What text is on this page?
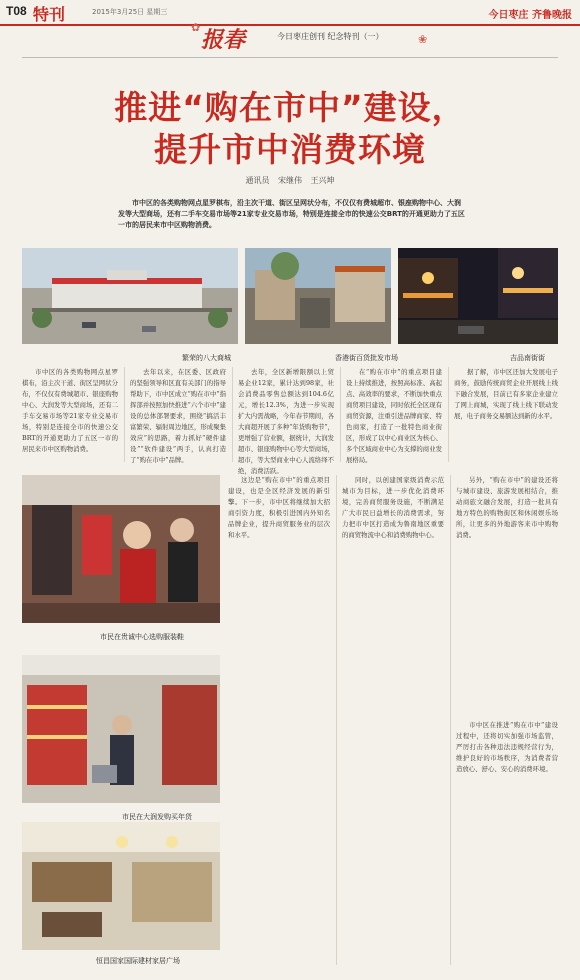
T08 特刊	2015年3月25日 星期三	今日枣庄 齐鲁晚报
✿ 报春	今日枣庄创刊 纪念特刊（一）	❀
推进“购在市中”建设，
提升市中消费环境
通讯员 宋继伟 王兴坤
市中区的各类购物网点星罗棋布，沿主次干道、街区呈网状分布，不仅仅有费城超市、银座购物中心、大润发等大型商场，还有二手车交易市场等21家专业交易市场，特别是连接全市的快速公交BRT的开通更助力了五区一市的居民来市中区购物消费。
繁荣的八大商城	香港街百货批发市场	吉品南街街
市中区的各类购物网点星罗棋布，沿主次干道、街区呈网状分布，不仅仅有费城超市、银座购物中心、大润发等大型商场，还有二手车交易市场等21家专业交易市场，特别是连接全市的快速公交BRT的开通更助力了五区一市的居民来市中区购物消费。
去年以来，在区委、区政府的坚强领导和区直有关部门的指导帮助下，市中区成立“购在市中”指挥部并按照加快推进“六个市中”建设的总体部署要求，围绕“搞活丰富繁荣、辐射周边地区，形成聚集效应”的思路，着力抓好“硬件建设”“软件建设”两手，认真打造了“购在市中”品牌。
去年，全区新增限额以上贸易企业12家，累计达到98家，社会消费品零售总额达到104.6亿元，增长12.3%，为进一步实现扩大内需战略，今年春节期间，各大商超开展了多种“年货购物节”，更增强了营业额，据统计，大润发超市、银座购物中心等大型商场，超市，等大型商业中心人流络绎不绝，消费活跃。
在“购在市中”的重点项目建设上持续推进，按照高标准、高起点、高效率的要求，不断加快重点商贸项目建设，同时依托全区现有商贸资源，注重引进品牌商家、特色商家，打造了一批特色商业街区，形成了以中心商业区为核心、多个区域商业中心为支撑的商业发展格局。
据了解，市中区还加大发展电子商务，鼓励传统商贸企业开展线上线下融合发展，目前已有多家企业建立了网上商城，实现了线上线下联动发展，电子商务交易额达到新的水平。
市民在贵诚中心选购服装鞋
市民在大润发购买年货
恒昌国家国际建材家居广场
这边是“购在市中”的重点项目建设，也是全区经济发展的新引擎。下一步，市中区将继续加大招商引资力度，积极引进国内外知名品牌企业，提升商贸服务业的层次和水平。
同时，以创建国家级消费示范城市为目标，进一步优化消费环境，完善商贸服务设施，不断满足广大市民日益增长的消费需求，努力把市中区打造成为鲁南地区重要的商贸物流中心和消费购物中心。
另外，“购在市中”的建设还将与城市建设、旅游发展相结合，推动商旅文融合发展，打造一批具有地方特色的购物街区和休闲娱乐场所，让更多的外地游客来市中购物消费。
市中区在推进“购在市中”建设过程中，还将切实加强市场监管，严厉打击各种违法违规经营行为，维护良好的市场秩序，为消费者营造放心、舒心、安心的消费环境。
